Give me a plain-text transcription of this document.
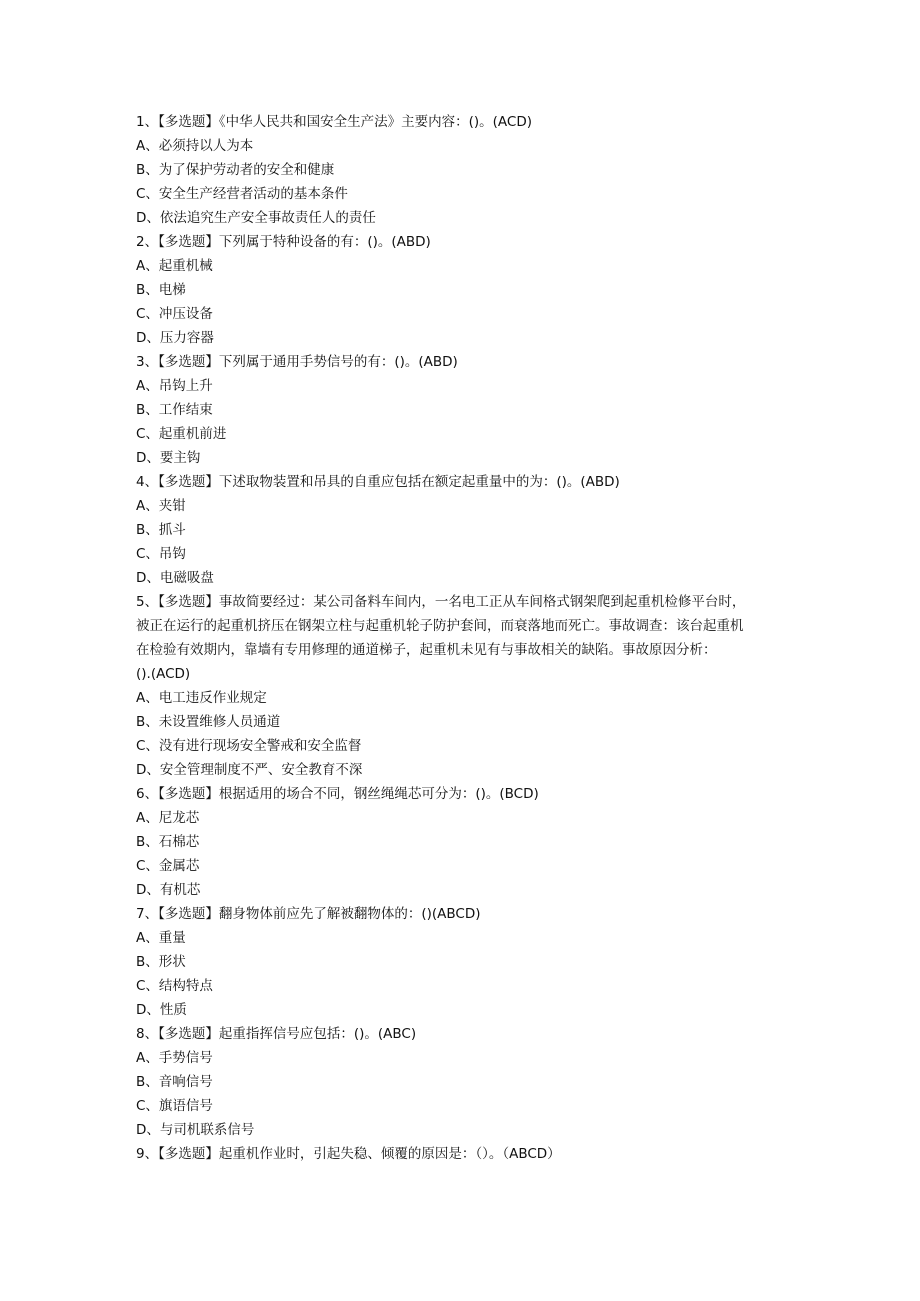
1、【多选题】《中华人民共和国安全生产法》主要内容：()。(ACD)
A、必须持以人为本
B、为了保护劳动者的安全和健康
C、安全生产经营者活动的基本条件
D、依法追究生产安全事故责任人的责任
2、【多选题】下列属于特种设备的有：()。(ABD)
A、起重机械
B、电梯
C、冲压设备
D、压力容器
3、【多选题】下列属于通用手势信号的有：()。(ABD)
A、吊钩上升
B、工作结束
C、起重机前进
D、要主钩
4、【多选题】下述取物装置和吊具的自重应包括在额定起重量中的为：()。(ABD)
A、夹钳
B、抓斗
C、吊钩
D、电磁吸盘
5、【多选题】事故简要经过：某公司备料车间内，一名电工正从车间格式钢架爬到起重机检修平台时，
被正在运行的起重机挤压在钢架立柱与起重机轮子防护套间，而衰落地而死亡。事故调查：该台起重机
在检验有效期内，靠墙有专用修理的通道梯子，起重机未见有与事故相关的缺陷。事故原因分析：
().(ACD)
A、电工违反作业规定
B、未设置维修人员通道
C、没有进行现场安全警戒和安全监督
D、安全管理制度不严、安全教育不深
6、【多选题】根据适用的场合不同，钢丝绳绳芯可分为：()。(BCD)
A、尼龙芯
B、石棉芯
C、金属芯
D、有机芯
7、【多选题】翻身物体前应先了解被翻物体的：()(ABCD)
A、重量
B、形状
C、结构特点
D、性质
8、【多选题】起重指挥信号应包括：()。(ABC)
A、手势信号
B、音响信号
C、旗语信号
D、与司机联系信号
9、【多选题】起重机作业时，引起失稳、倾覆的原因是：（）。（ABCD）
